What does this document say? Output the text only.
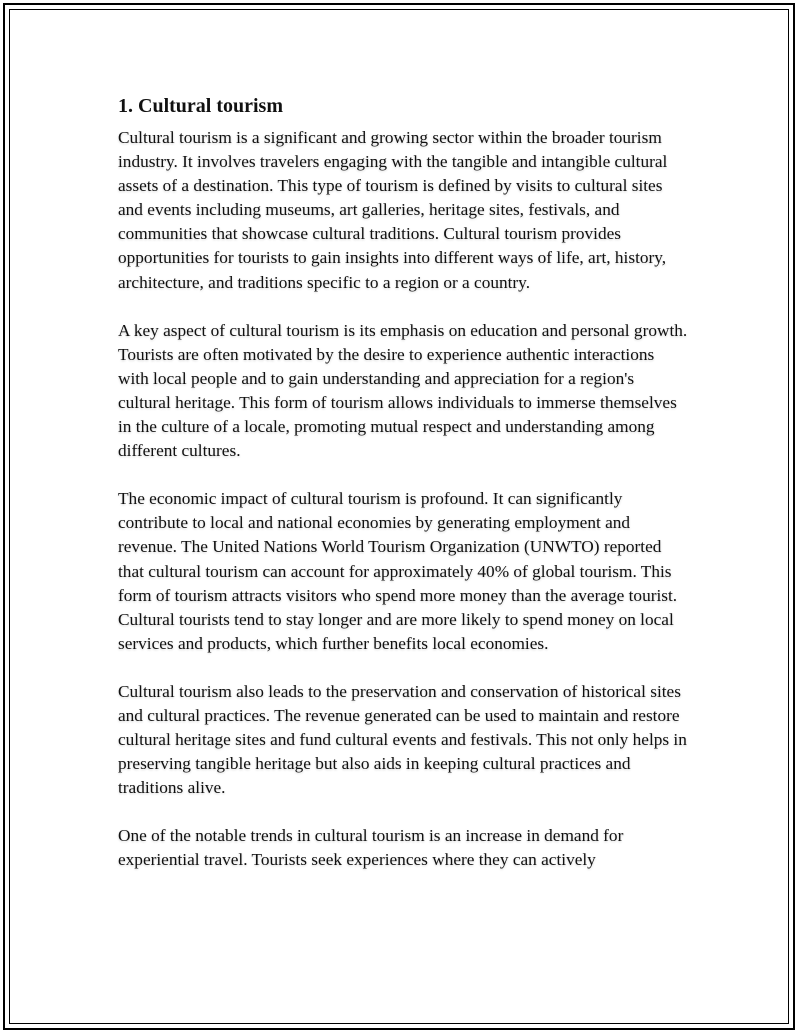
1. Cultural tourism

Cultural tourism is a significant and growing sector within the broader tourism industry. It involves travelers engaging with the tangible and intangible cultural assets of a destination. This type of tourism is defined by visits to cultural sites and events including museums, art galleries, heritage sites, festivals, and communities that showcase cultural traditions. Cultural tourism provides opportunities for tourists to gain insights into different ways of life, art, history, architecture, and traditions specific to a region or a country.

A key aspect of cultural tourism is its emphasis on education and personal growth. Tourists are often motivated by the desire to experience authentic interactions with local people and to gain understanding and appreciation for a region's cultural heritage. This form of tourism allows individuals to immerse themselves in the culture of a locale, promoting mutual respect and understanding among different cultures.

The economic impact of cultural tourism is profound. It can significantly contribute to local and national economies by generating employment and revenue. The United Nations World Tourism Organization (UNWTO) reported that cultural tourism can account for approximately 40% of global tourism. This form of tourism attracts visitors who spend more money than the average tourist. Cultural tourists tend to stay longer and are more likely to spend money on local services and products, which further benefits local economies.

Cultural tourism also leads to the preservation and conservation of historical sites and cultural practices. The revenue generated can be used to maintain and restore cultural heritage sites and fund cultural events and festivals. This not only helps in preserving tangible heritage but also aids in keeping cultural practices and traditions alive.

One of the notable trends in cultural tourism is an increase in demand for experiential travel. Tourists seek experiences where they can actively
